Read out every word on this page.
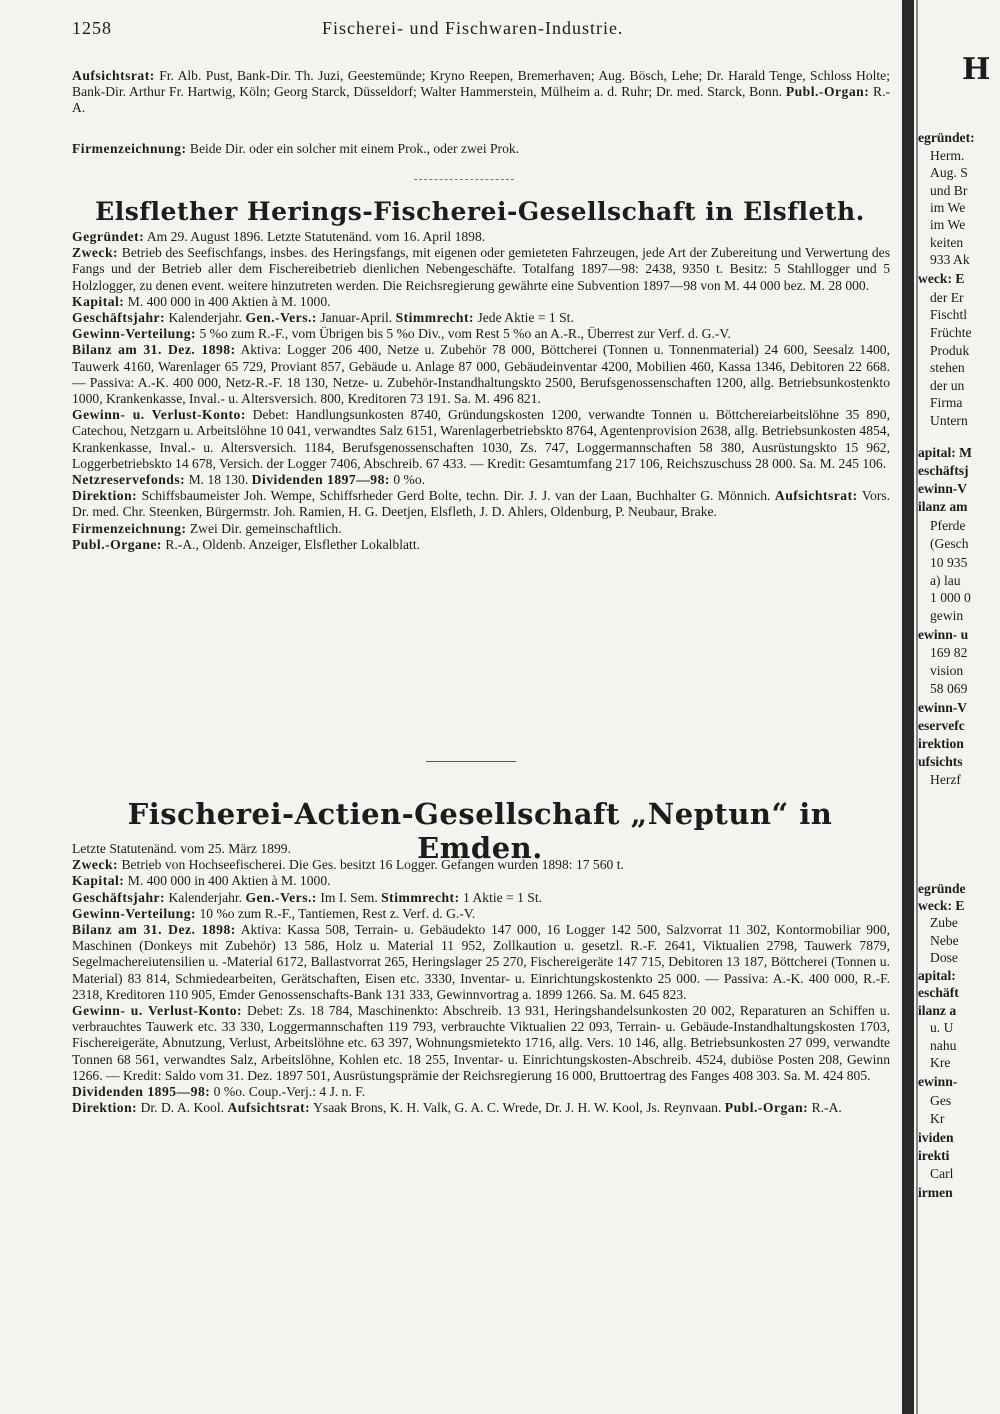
1258	Fischerei- und Fischwaren-Industrie.
Aufsichtsrat: Fr. Alb. Pust, Bank-Dir. Th. Juzi, Geestemünde; Kryno Reepen, Bremerhaven; Aug. Bösch, Lehe; Dr. Harald Tenge, Schloss Holte; Bank-Dir. Arthur Fr. Hartwig, Köln; Georg Starck, Düsseldorf; Walter Hammerstein, Mülheim a. d. Ruhr; Dr. med. Starck, Bonn. Publ.-Organ: R.-A.
Firmenzeichnung: Beide Dir. oder ein solcher mit einem Prok., oder zwei Prok.
Elsflether Herings-Fischerei-Gesellschaft in Elsfleth.
Gegründet: Am 29. August 1896. Letzte Statutenänd. vom 16. April 1898.
Zweck: Betrieb des Seefischfangs, insbes. des Heringsfangs, mit eigenen oder gemieteten Fahrzeugen, jede Art der Zubereitung und Verwertung des Fangs und der Betrieb aller dem Fischereibetrieb dienlichen Nebengeschäfte. Totalfang 1897—98: 2438, 9350 t. Besitz: 5 Stahllogger und 5 Holzlogger, zu denen event. weitere hinzutreten werden. Die Reichsregierung gewährte eine Subvention 1897—98 von M. 44 000 bez. M. 28 000.
Kapital: M. 400 000 in 400 Aktien à M. 1000.
Geschäftsjahr: Kalenderjahr. Gen.-Vers.: Januar-April. Stimmrecht: Jede Aktie = 1 St.
Gewinn-Verteilung: 5 %o zum R.-F., vom Übrigen bis 5 %o Div., vom Rest 5 %o an A.-R., Überrest zur Verf. d. G.-V.
Bilanz am 31. Dez. 1898: Aktiva: Logger 206 400, Netze u. Zubehör 78 000, Böttcherei (Tonnen u. Tonnenmaterial) 24 600, Seesalz 1400, Tauwerk 4160, Warenlager 65 729, Proviant 857, Gebäude u. Anlage 87 000, Gebäudeinventar 4200, Mobilien 460, Kassa 1346, Debitoren 22 668. — Passiva: A.-K. 400 000, Netz-R.-F. 18 130, Netze- u. Zubehör-Instandhaltungskto 2500, Berufsgenossenschaften 1200, allg. Betriebsunkostenkto 1000, Krankenkasse, Inval.- u. Altersversich. 800, Kreditoren 73 191. Sa. M. 496 821.
Gewinn- u. Verlust-Konto: Debet: Handlungsunkosten 8740, Gründungskosten 1200, verwandte Tonnen u. Böttchereiarbeitslöhne 35 890, Catechou, Netzgarn u. Arbeitslöhne 10 041, verwandtes Salz 6151, Warenlagerbetriebskto 8764, Agentenprovision 2638, allg. Betriebsunkosten 4854, Krankenkasse, Inval.- u. Altersversich. 1184, Berufsgenossenschaften 1030, Zs. 747, Loggermannschaften 58 380, Ausrüstungskto 15 962, Loggerbetriebskto 14 678, Versich. der Logger 7406, Abschreib. 67 433. — Kredit: Gesamtumfang 217 106, Reichszuschuss 28 000. Sa. M. 245 106.
Netzreservefonds: M. 18 130. Dividenden 1897—98: 0 %o.
Direktion: Schiffsbaumeister Joh. Wempe, Schiffsrheder Gerd Bolte, techn. Dir. J. J. van der Laan, Buchhalter G. Mönnich. Aufsichtsrat: Vors. Dr. med. Chr. Steenken, Bürgermstr. Joh. Ramien, H. G. Deetjen, Elsfleth, J. D. Ahlers, Oldenburg, P. Neubaur, Brake.
Firmenzeichnung: Zwei Dir. gemeinschaftlich.
Publ.-Organe: R.-A., Oldenb. Anzeiger, Elsflether Lokalblatt.
Fischerei-Actien-Gesellschaft „Neptun“ in Emden.
Letzte Statutenänd. vom 25. März 1899.
Zweck: Betrieb von Hochseefischerei. Die Ges. besitzt 16 Logger. Gefangen wurden 1898: 17 560 t.
Kapital: M. 400 000 in 400 Aktien à M. 1000.
Geschäftsjahr: Kalenderjahr. Gen.-Vers.: Im I. Sem. Stimmrecht: 1 Aktie = 1 St.
Gewinn-Verteilung: 10 %o zum R.-F., Tantiemen, Rest z. Verf. d. G.-V.
Bilanz am 31. Dez. 1898: Aktiva: Kassa 508, Terrain- u. Gebäudekto 147 000, 16 Logger 142 500, Salzvorrat 11 302, Kontormobiliar 900, Maschinen (Donkeys mit Zubehör) 13 586, Holz u. Material 11 952, Zollkaution u. gesetzl. R.-F. 2641, Viktualien 2798, Tauwerk 7879, Segelmachereiutensilien u. -Material 6172, Ballastvorrat 265, Heringslager 25 270, Fischereigeräte 147 715, Debitoren 13 187, Böttcherei (Tonnen u. Material) 83 814, Schmiedearbeiten, Gerätschaften, Eisen etc. 3330, Inventar- u. Einrichtungskostenkto 25 000. — Passiva: A.-K. 400 000, R.-F. 2318, Kreditoren 110 905, Emder Genossenschafts-Bank 131 333, Gewinnvortrag a. 1899 1266. Sa. M. 645 823.
Gewinn- u. Verlust-Konto: Debet: Zs. 18 784, Maschinenkto: Abschreib. 13 931, Heringshandelsunkosten 20 002, Reparaturen an Schiffen u. verbrauchtes Tauwerk etc. 33 330, Loggermannschaften 119 793, verbrauchte Viktualien 22 093, Terrain- u. Gebäude-Instandhaltungskosten 1703, Fischereigeräte, Abnutzung, Verlust, Arbeitslöhne etc. 63 397, Wohnungsmietekto 1716, allg. Vers. 10 146, allg. Betriebsunkosten 27 099, verwandte Tonnen 68 561, verwandtes Salz, Arbeitslöhne, Kohlen etc. 18 255, Inventar- u. Einrichtungskosten-Abschreib. 4524, dubiöse Posten 208, Gewinn 1266. — Kredit: Saldo vom 31. Dez. 1897 501, Ausrüstungsprämie der Reichsregierung 16 000, Bruttoertrag des Fanges 408 303. Sa. M. 424 805.
Dividenden 1895—98: 0 %o. Coup.-Verj.: 4 J. n. F.
Direktion: Dr. D. A. Kool. Aufsichtsrat: Ysaak Brons, K. H. Valk, G. A. C. Wrede, Dr. J. H. W. Kool, Js. Reynvaan. Publ.-Organ: R.-A.
H
egründet:
Herm.
Aug. S
und Br
im We
im We
keiten
933 Ak
weck: E
der Er
Fischtl
Früchte
Produk
stehen
der un
Firma
Untern
apital: M
eschäftsj
ewinn-V
ilanz am
Pferde
(Gesch
10 935
a) lau
1 000 0
gewin
ewinn- u
169 82
vision
58 069
ewinn-V
eservefc
irektion
ufsichts
Herzf
egründe
weck: E
Zube
Nebe
Dose
apital:
eschäft
ilanz a
u. U
nahu
Kre
ewinn-
Ges
Kr
ividen
irekti
Carl
irmen
